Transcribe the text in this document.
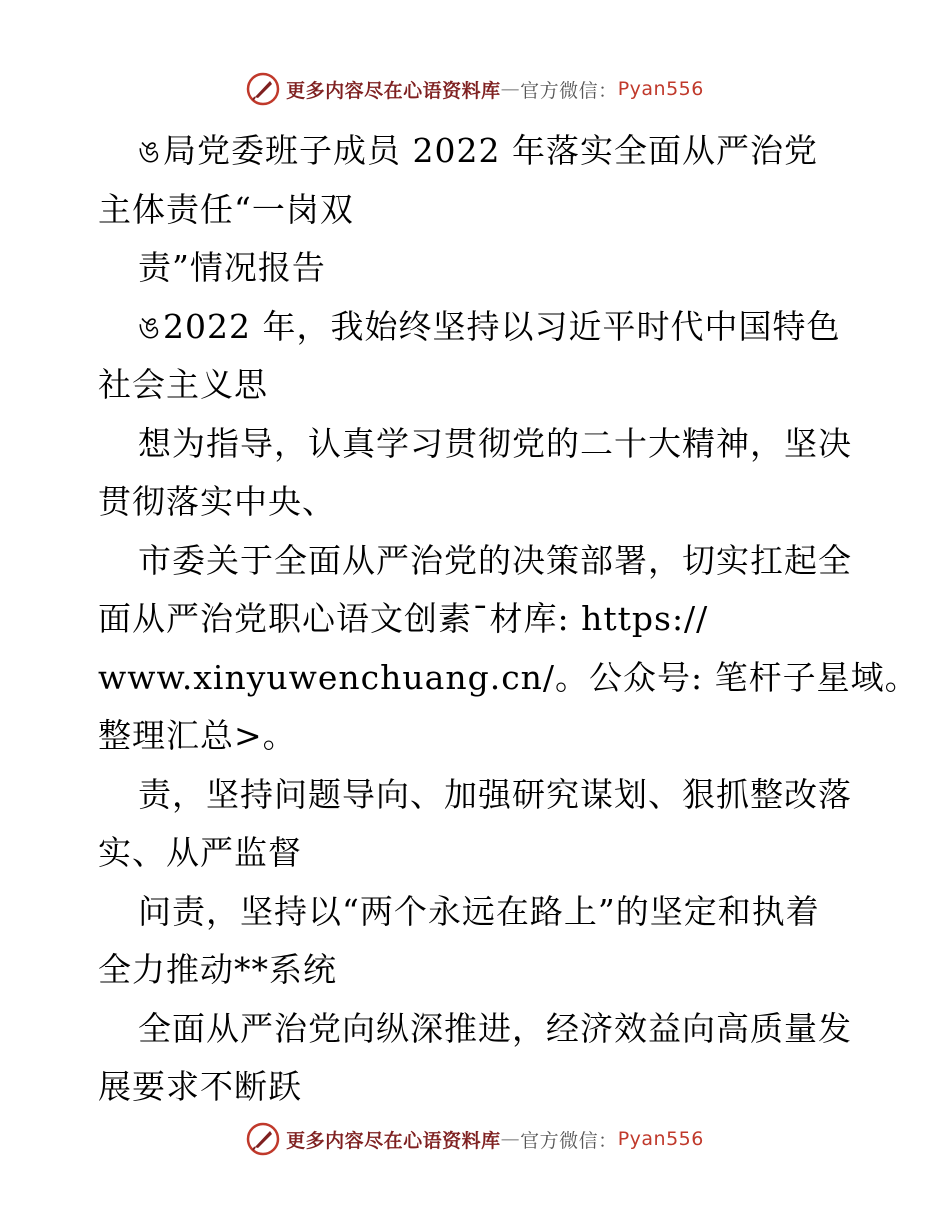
更多内容尽在心语资料库 — 官方微信： Pyan556
ঙ局党委班子成员 2022 年落实全面从严治党
主体责任“一岗双
责”情况报告
ঙ2022 年，我始终坚持以习近平时代中国特色
社会主义思
想为指导，认真学习贯彻党的二十大精神，坚决
贯彻落实中央、
市委关于全面从严治党的决策部署，切实扛起全
面从严治党职心语文创素¯材库: https://
www.xinyuwenchuang.cn/。公众号: 笔杆子星域。
整理汇总>。
责，坚持问题导向、加强研究谋划、狠抓整改落
实、从严监督
问责，坚持以“两个永远在路上”的坚定和执着
全力推动**系统
全面从严治党向纵深推进，经济效益向高质量发
展要求不断跃
更多内容尽在心语资料库 — 官方微信： Pyan556
